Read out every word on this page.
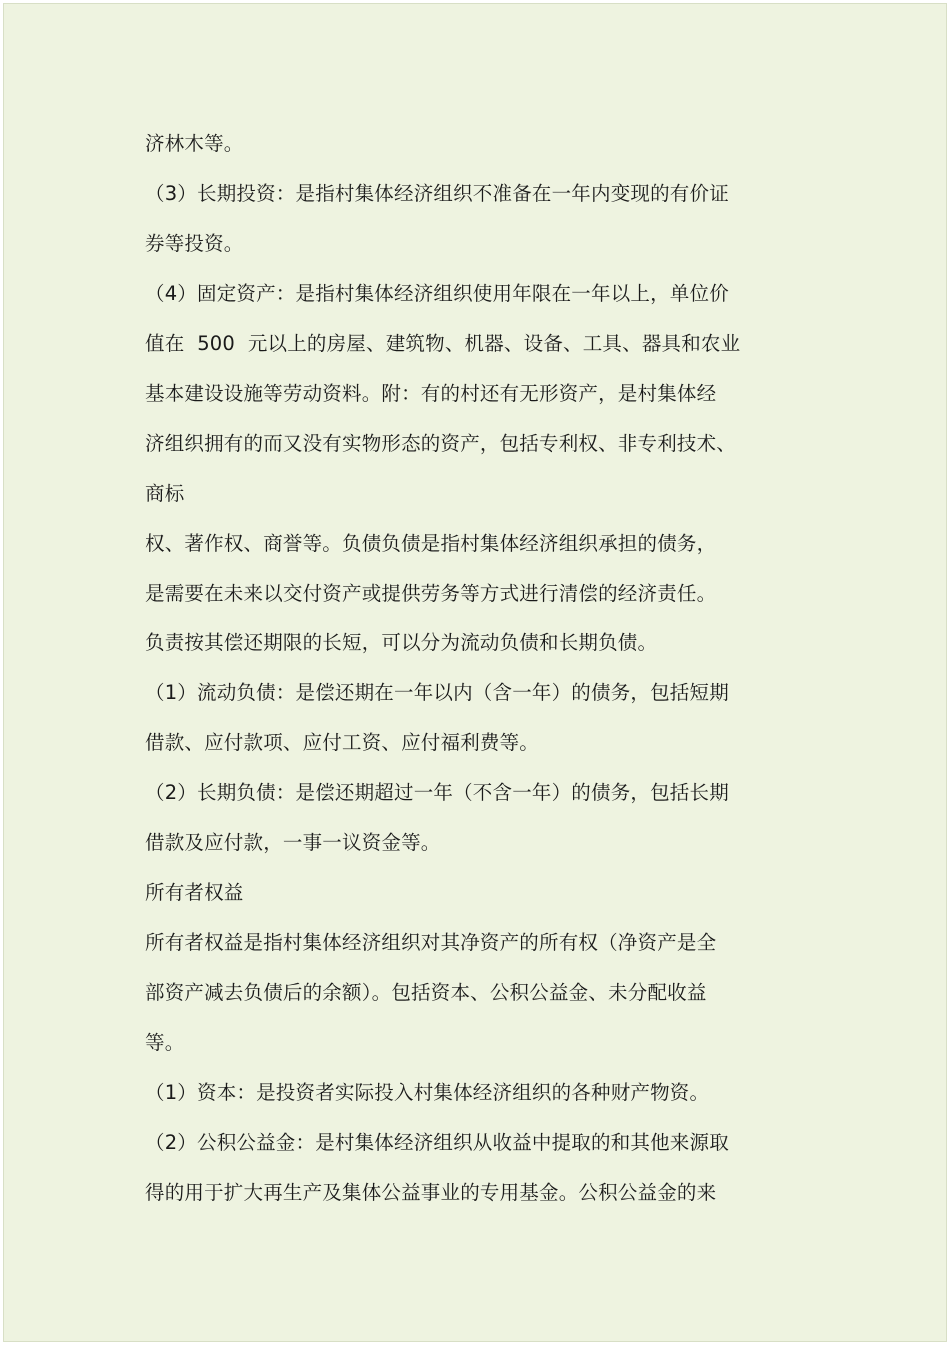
济林木等。
（3）长期投资：是指村集体经济组织不准备在一年内变现的有价证
券等投资。
（4）固定资产：是指村集体经济组织使用年限在一年以上，单位价
值在  500  元以上的房屋、建筑物、机器、设备、工具、器具和农业
基本建设设施等劳动资料。附：有的村还有无形资产，是村集体经
济组织拥有的而又没有实物形态的资产，包括专利权、非专利技术、
商标
权、著作权、商誉等。负债负债是指村集体经济组织承担的债务，
是需要在未来以交付资产或提供劳务等方式进行清偿的经济责任。
负责按其偿还期限的长短，可以分为流动负债和长期负债。
（1）流动负债：是偿还期在一年以内（含一年）的债务，包括短期
借款、应付款项、应付工资、应付福利费等。
（2）长期负债：是偿还期超过一年（不含一年）的债务，包括长期
借款及应付款，一事一议资金等。
所有者权益
所有者权益是指村集体经济组织对其净资产的所有权（净资产是全
部资产减去负债后的余额）。包括资本、公积公益金、未分配收益
等。
（1）资本：是投资者实际投入村集体经济组织的各种财产物资。
（2）公积公益金：是村集体经济组织从收益中提取的和其他来源取
得的用于扩大再生产及集体公益事业的专用基金。公积公益金的来
